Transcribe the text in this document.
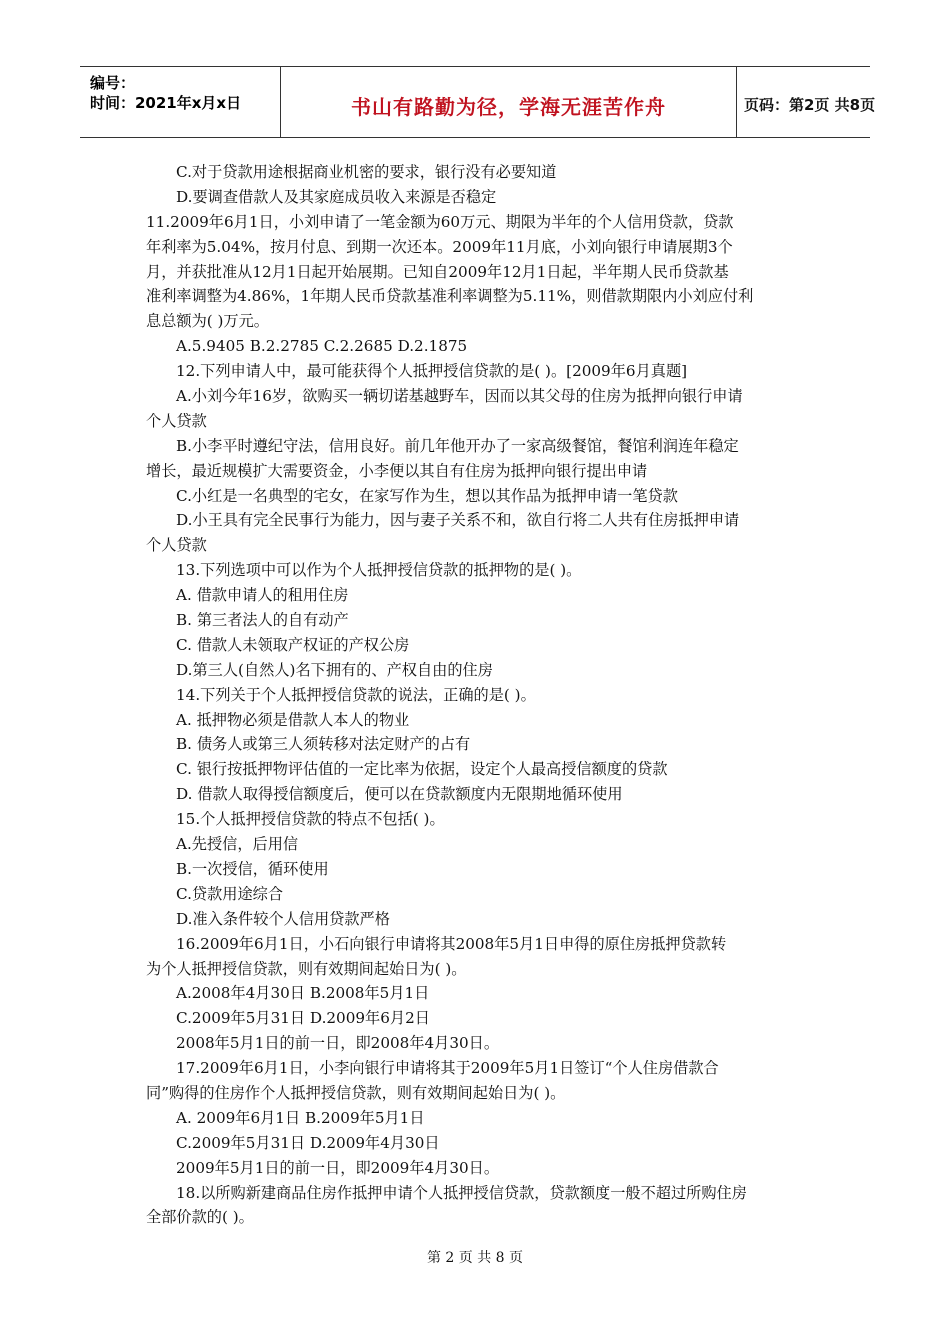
编号：
时间：2021年x月x日	书山有路勤为径，学海无涯苦作舟	页码：第2页 共8页
C.对于贷款用途根据商业机密的要求，银行没有必要知道
D.要调查借款人及其家庭成员收入来源是否稳定
11.2009年6月1日，小刘申请了一笔金额为60万元、期限为半年的个人信用贷款，贷款
年利率为5.04%，按月付息、到期一次还本。2009年11月底，小刘向银行申请展期3个
月，并获批准从12月1日起开始展期。已知自2009年12月1日起，半年期人民币贷款基
准利率调整为4.86%，1年期人民币贷款基准利率调整为5.11%，则借款期限内小刘应付利
息总额为( )万元。
A.5.9405 B.2.2785 C.2.2685 D.2.1875
12.下列申请人中，最可能获得个人抵押授信贷款的是( )。[2009年6月真题]
A.小刘今年16岁，欲购买一辆切诺基越野车，因而以其父母的住房为抵押向银行申请
个人贷款
B.小李平时遵纪守法，信用良好。前几年他开办了一家高级餐馆，餐馆利润连年稳定
增长，最近规模扩大需要资金，小李便以其自有住房为抵押向银行提出申请
C.小红是一名典型的宅女，在家写作为生，想以其作品为抵押申请一笔贷款
D.小王具有完全民事行为能力，因与妻子关系不和，欲自行将二人共有住房抵押申请
个人贷款
13.下列选项中可以作为个人抵押授信贷款的抵押物的是( )。
A. 借款申请人的租用住房
B. 第三者法人的自有动产
C. 借款人未领取产权证的产权公房
D.第三人(自然人)名下拥有的、产权自由的住房
14.下列关于个人抵押授信贷款的说法，正确的是( )。
A. 抵押物必须是借款人本人的物业
B. 债务人或第三人须转移对法定财产的占有
C. 银行按抵押物评估值的一定比率为依据，设定个人最高授信额度的贷款
D. 借款人取得授信额度后，便可以在贷款额度内无限期地循环使用
15.个人抵押授信贷款的特点不包括( )。
A.先授信，后用信
B.一次授信，循环使用
C.贷款用途综合
D.准入条件较个人信用贷款严格
16.2009年6月1日，小石向银行申请将其2008年5月1日申得的原住房抵押贷款转
为个人抵押授信贷款，则有效期间起始日为( )。
A.2008年4月30日 B.2008年5月1日
C.2009年5月31日 D.2009年6月2日
2008年5月1日的前一日，即2008年4月30日。
17.2009年6月1日，小李向银行申请将其于2009年5月1日签订“个人住房借款合
同”购得的住房作个人抵押授信贷款，则有效期间起始日为( )。
A. 2009年6月1日 B.2009年5月1日
C.2009年5月31日 D.2009年4月30日
2009年5月1日的前一日，即2009年4月30日。
18.以所购新建商品住房作抵押申请个人抵押授信贷款，贷款额度一般不超过所购住房
全部价款的( )。
第 2 页 共 8 页
